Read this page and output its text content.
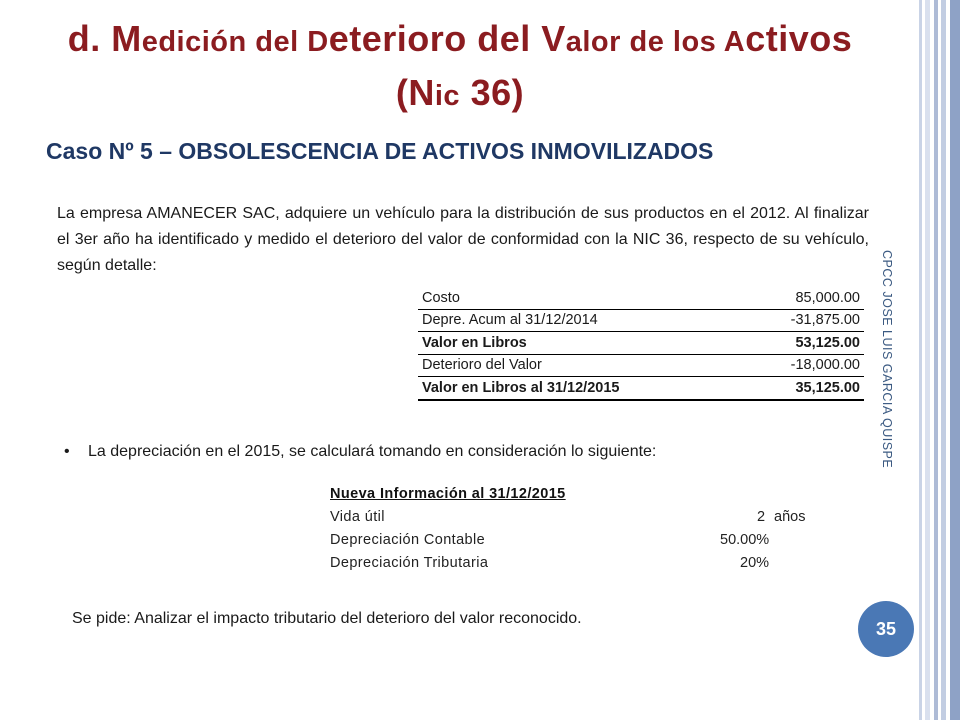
d. Medición del Deterioro del Valor de los Activos
(Nic 36)
Caso Nº 5 – OBSOLESCENCIA DE ACTIVOS INMOVILIZADOS
La empresa AMANECER SAC, adquiere un vehículo para la distribución de sus productos en el 2012. Al finalizar el 3er año ha identificado y medido el deterioro del valor de conformidad con la NIC 36, respecto de su vehículo, según detalle:
Costo	85,000.00
Depre. Acum al 31/12/2014	-31,875.00
Valor en Libros	53,125.00
Deterioro del Valor	-18,000.00
Valor en Libros al 31/12/2015	35,125.00
• La depreciación en el 2015, se calculará tomando en consideración lo siguiente:
Nueva Información al 31/12/2015
Vida útil	2 años
Depreciación Contable	50.00%
Depreciación Tributaria	20%
Se pide: Analizar el impacto tributario del deterioro del valor reconocido.
CPCC JOSE LUIS GARCIA QUISPE
35
